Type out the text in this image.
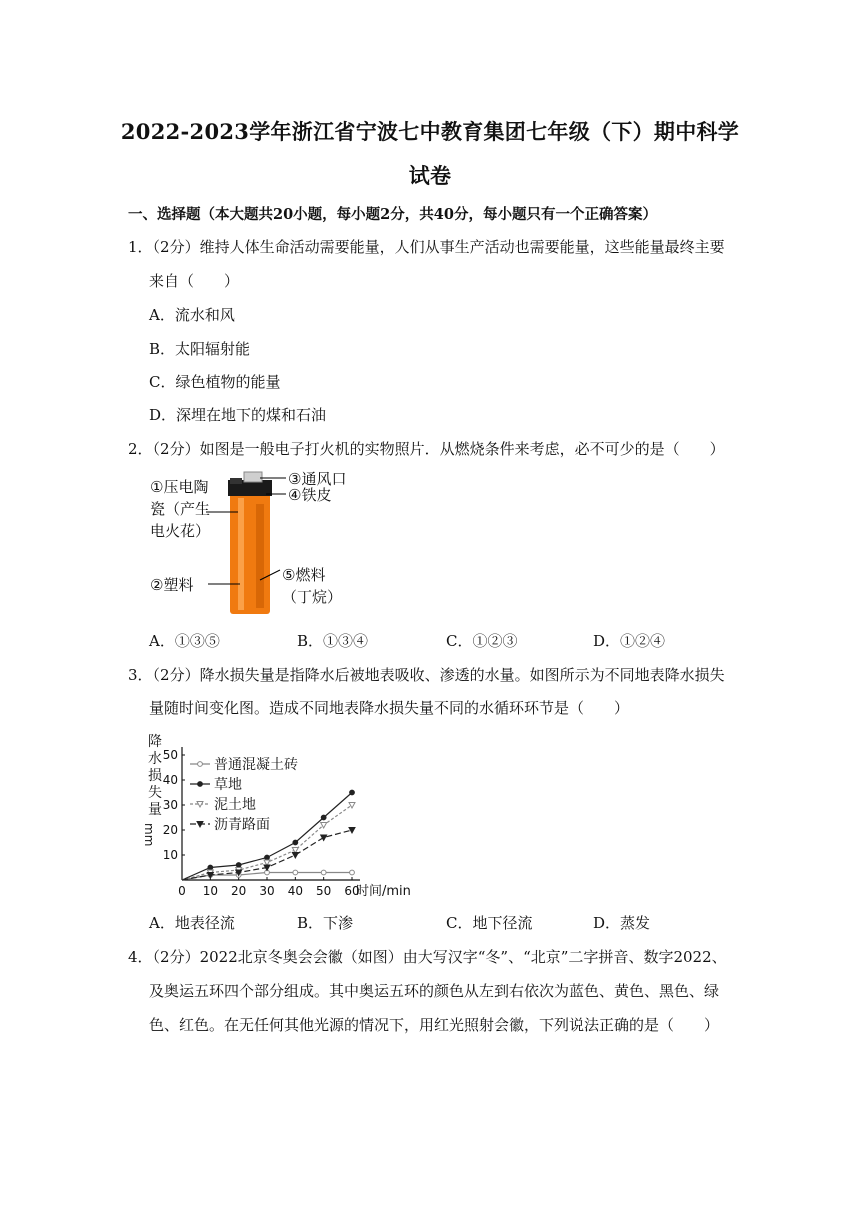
2022-2023学年浙江省宁波七中教育集团七年级（下）期中科学
试卷
一、选择题（本大题共20小题，每小题2分，共40分，每小题只有一个正确答案）
1．（2分）维持人体生命活动需要能量，人们从事生产活动也需要能量，这些能量最终主要
来自（　　）
A．流水和风
B．太阳辐射能
C．绿色植物的能量
D．深埋在地下的煤和石油
2．（2分）如图是一般电子打火机的实物照片．从燃烧条件来考虑，必不可少的是（　　）
①压电陶
瓷（产生
电火花）
②塑料
③通风口
④铁皮
⑤燃料
（丁烷）
A．①③⑤	B．①③④	C．①②③	D．①②④
3．（2分）降水损失量是指降水后被地表吸收、渗透的水量。如图所示为不同地表降水损失
量随时间变化图。造成不同地表降水损失量不同的水循环环节是（　　）
0 10 20 30 40 50 60
10
20
30
40
50
降
水
损
失
量
mm
时间/min
普通混凝土砖
草地
泥土地
沥青路面
A．地表径流	B．下渗	C．地下径流	D．蒸发
4．（2分）2022北京冬奥会会徽（如图）由大写汉字“冬”、“北京”二字拼音、数字2022、
及奥运五环四个部分组成。其中奥运五环的颜色从左到右依次为蓝色、黄色、黑色、绿
色、红色。在无任何其他光源的情况下，用红光照射会徽，下列说法正确的是（　　）
